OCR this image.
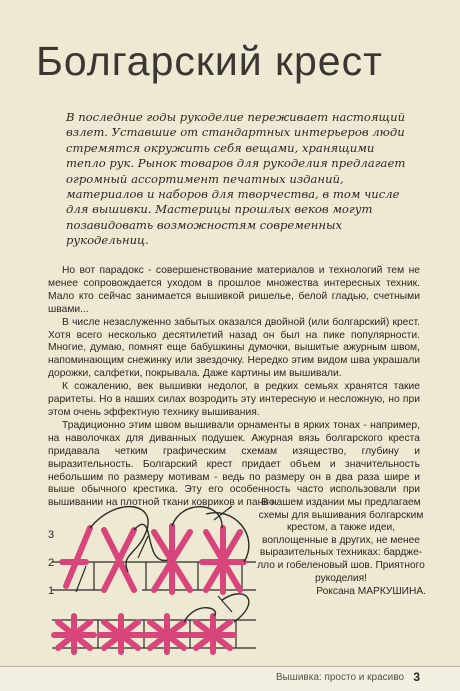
Болгарский крест

В последние годы рукоделие переживает настоящий взлет. Уставшие от стандартных интерьеров люди стремятся окружить себя вещами, хранящими тепло рук. Рынок товаров для рукоделия предлагает огромный ассортимент печатных изданий, материалов и наборов для творчества, в том числе для вышивки. Мастерицы прошлых веков могут позавидовать возможностям современных рукодельниц.

Но вот парадокс - совершенствование материалов и технологий тем не менее сопровождается уходом в прошлое множества интересных техник. Мало кто сейчас занимается вышивкой ришелье, белой гладью, счетными швами...

В числе незаслуженно забытых оказался двойной (или болгарский) крест. Хотя всего несколько десятилетий назад он был на пике популярности. Многие, думаю, помнят еще бабушкины думочки, вышитые ажурным швом, напоминающим снежинку или звездочку. Нередко этим видом шва украшали дорожки, салфетки, покрывала. Даже картины им вышивали.

К сожалению, век вышивки недолог, в редких семьях хранятся такие раритеты. Но в наших силах возродить эту интересную и несложную, но при этом очень эффектную технику вышивания.

Традиционно этим швом вышивали орнаменты в ярких тонах - например, на наволочках для диванных подушек. Ажурная вязь болгарского креста придавала четким графическим схемам изящество, глубину и выразительность. Болгарский крест придает объем и значительность небольшим по размеру мотивам - ведь по размеру он в два раза шире и выше обычного крестика. Эту его особенность часто использовали при вышивании на плотной ткани ковриков и панно.

3
2
1
В нашем издании мы предлагаем схемы для вышивания болгарским крестом, а также идеи, воплощенные в других, не менее выразительных техниках: бардже-лло и гобеленовый шов. Приятного рукоделия!
Роксана МАРКУШИНА.
Вышивка: просто и красиво 3
